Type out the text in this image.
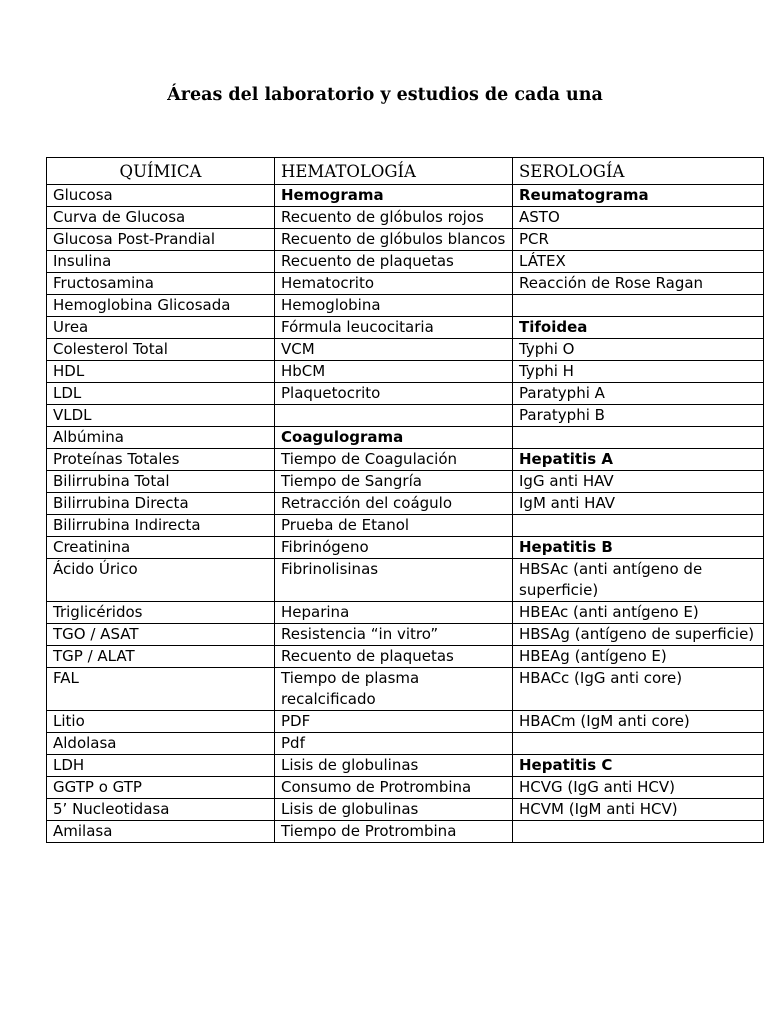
Áreas del laboratorio y estudios de cada una
QUÍMICA	HEMATOLOGÍA	SEROLOGÍA
Glucosa	Hemograma	Reumatograma
Curva de Glucosa	Recuento de glóbulos rojos	ASTO
Glucosa Post-Prandial	Recuento de glóbulos blancos	PCR
Insulina	Recuento de plaquetas	LÁTEX
Fructosamina	Hematocrito	Reacción de Rose Ragan
Hemoglobina Glicosada	Hemoglobina	
Urea	Fórmula leucocitaria	Tifoidea
Colesterol Total	VCM	Typhi O
HDL	HbCM	Typhi H
LDL	Plaquetocrito	Paratyphi A
VLDL		Paratyphi B
Albúmina	Coagulograma	
Proteínas Totales	Tiempo de Coagulación	Hepatitis A
Bilirrubina Total	Tiempo de Sangría	IgG anti HAV
Bilirrubina Directa	Retracción del coágulo	IgM anti HAV
Bilirrubina Indirecta	Prueba de Etanol	
Creatinina	Fibrinógeno	Hepatitis B
Ácido Úrico	Fibrinolisinas	HBSAc (anti antígeno de superficie)
Triglicéridos	Heparina	HBEAc (anti antígeno E)
TGO / ASAT	Resistencia “in vitro”	HBSAg (antígeno de superficie)
TGP / ALAT	Recuento de plaquetas	HBEAg (antígeno E)
FAL	Tiempo de plasma recalcificado	HBACc (IgG anti core)
Litio	PDF	HBACm (IgM anti core)
Aldolasa	Pdf	
LDH	Lisis de globulinas	Hepatitis C
GGTP o GTP	Consumo de Protrombina	HCVG (IgG anti HCV)
5’ Nucleotidasa	Lisis de globulinas	HCVM (IgM anti HCV)
Amilasa	Tiempo de Protrombina	
